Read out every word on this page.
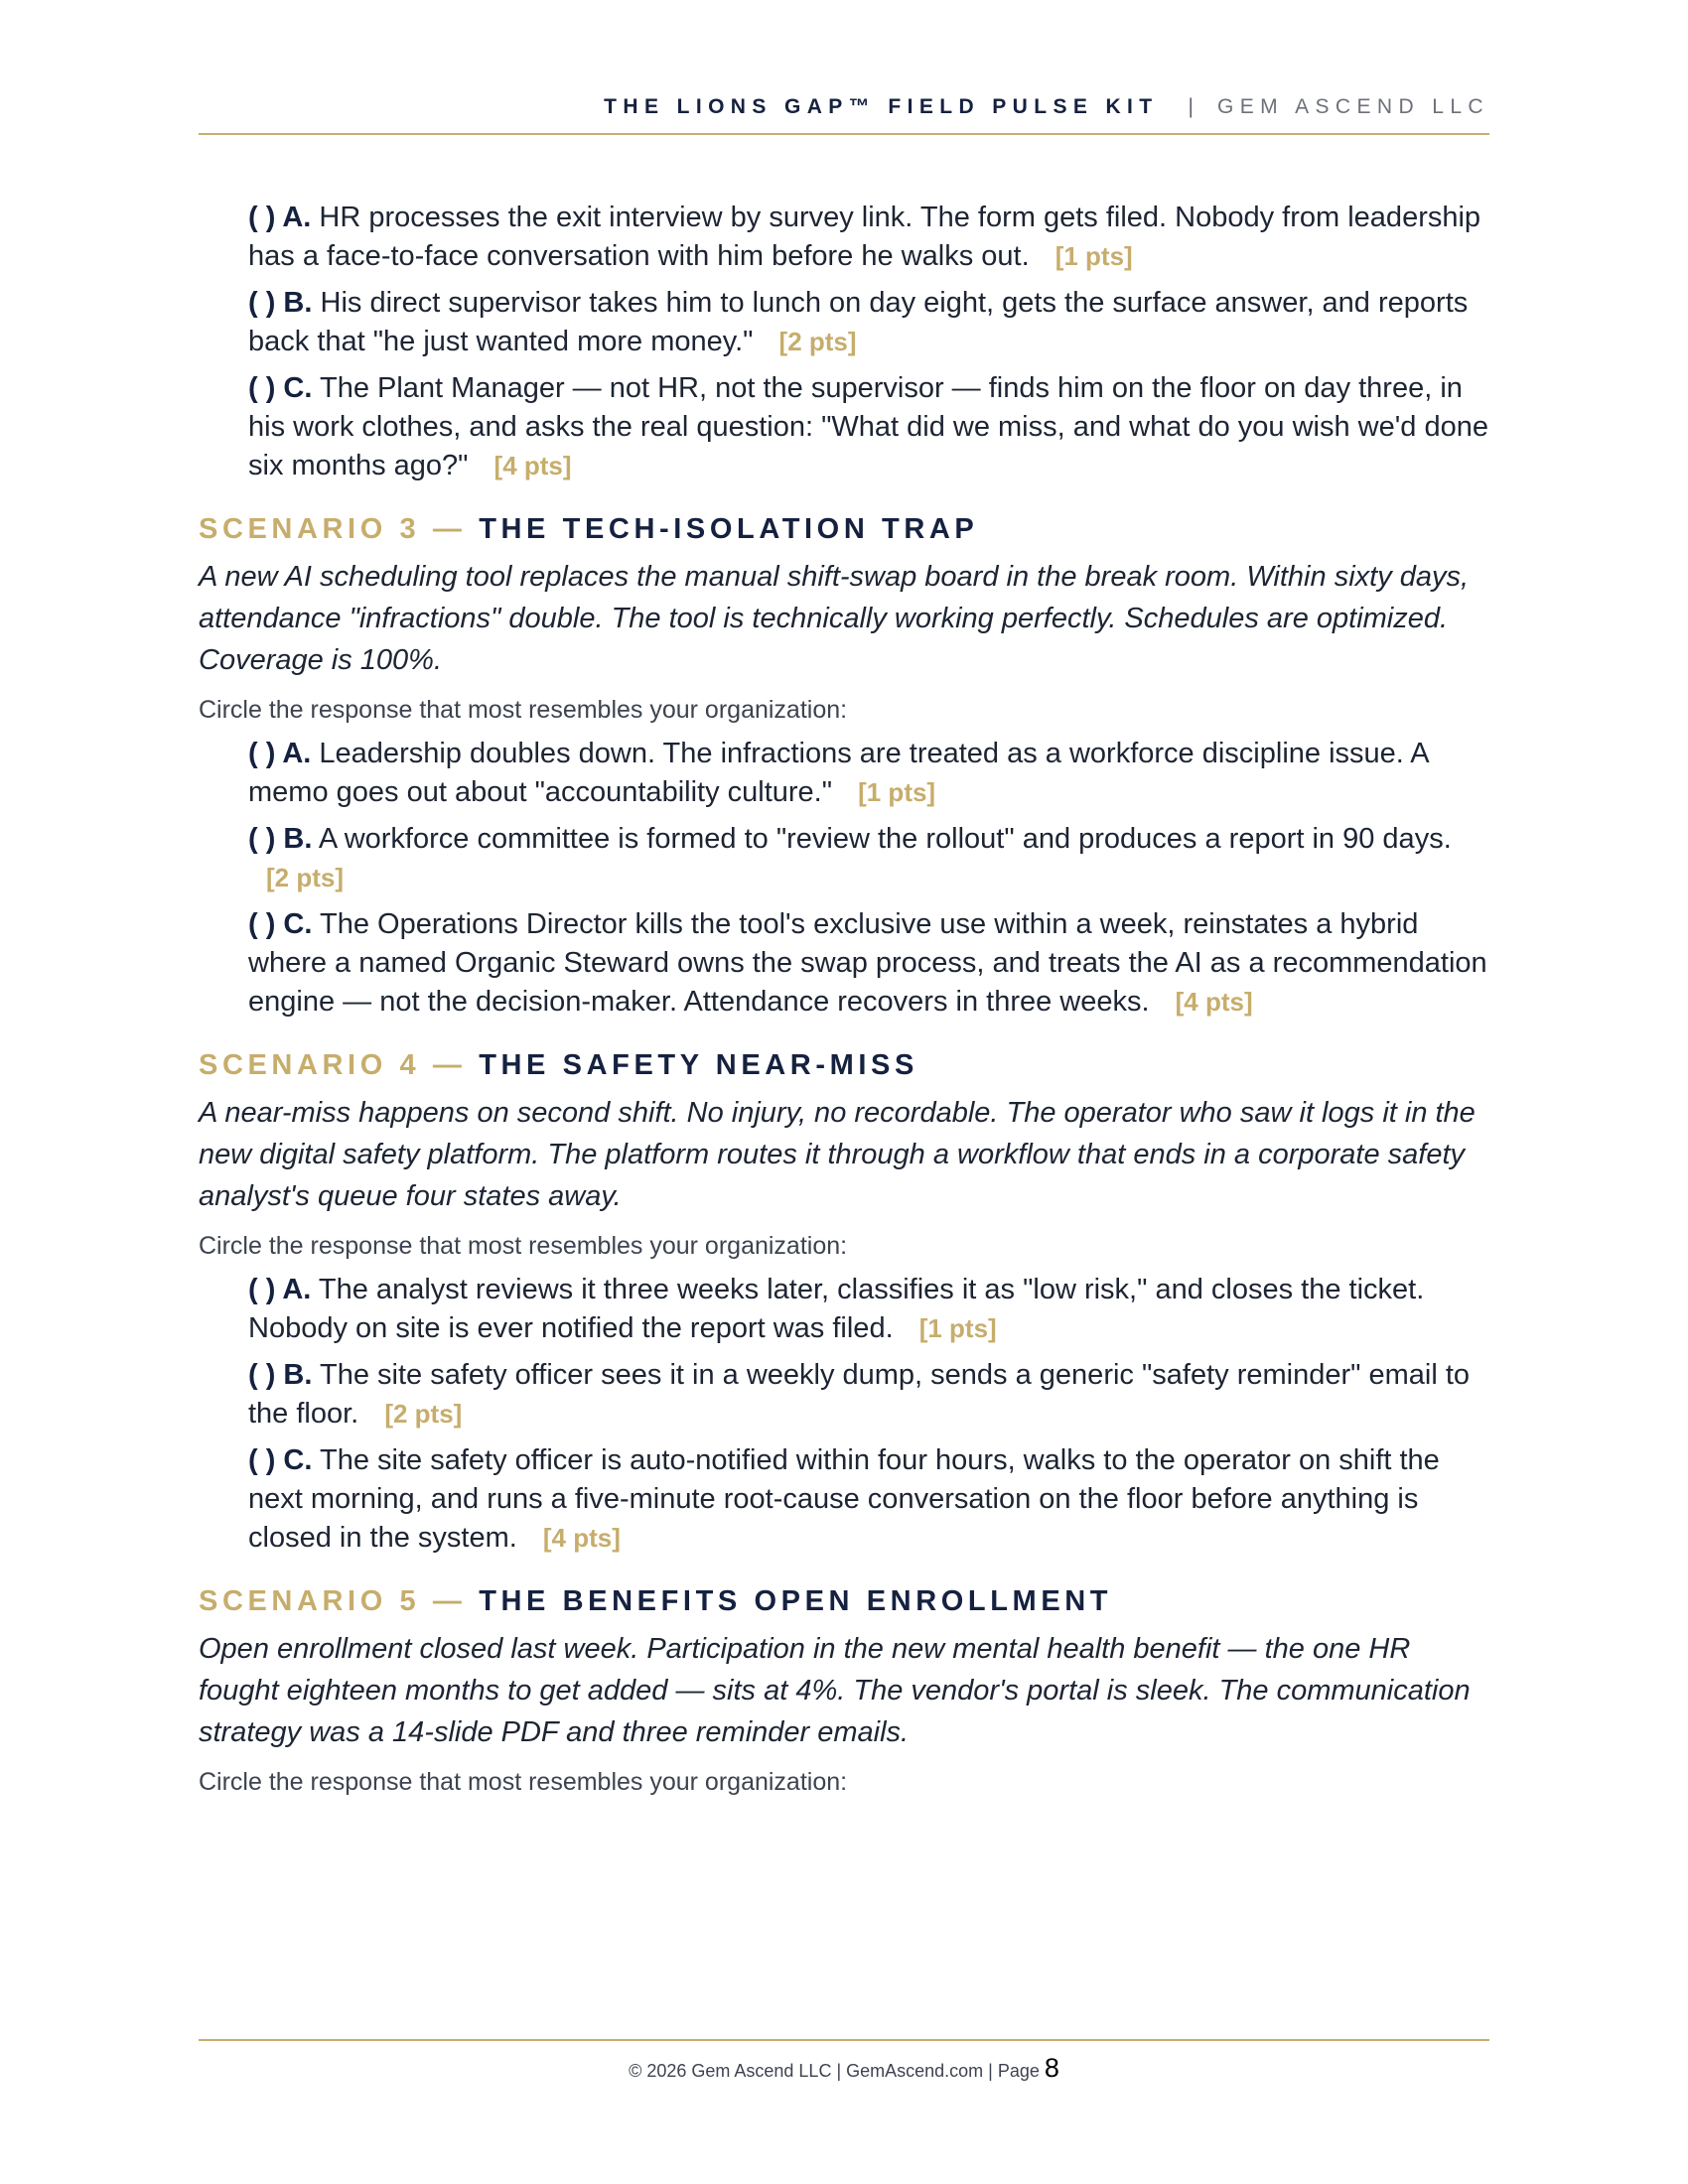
THE LIONS GAP™ FIELD PULSE KIT | GEM ASCEND LLC
( ) A. HR processes the exit interview by survey link. The form gets filed. Nobody from leadership has a face-to-face conversation with him before he walks out. [1 pts]
( ) B. His direct supervisor takes him to lunch on day eight, gets the surface answer, and reports back that "he just wanted more money." [2 pts]
( ) C. The Plant Manager — not HR, not the supervisor — finds him on the floor on day three, in his work clothes, and asks the real question: "What did we miss, and what do you wish we'd done six months ago?" [4 pts]
SCENARIO 3 — THE TECH-ISOLATION TRAP
A new AI scheduling tool replaces the manual shift-swap board in the break room. Within sixty days, attendance "infractions" double. The tool is technically working perfectly. Schedules are optimized. Coverage is 100%.
Circle the response that most resembles your organization:
( ) A. Leadership doubles down. The infractions are treated as a workforce discipline issue. A memo goes out about "accountability culture." [1 pts]
( ) B. A workforce committee is formed to "review the rollout" and produces a report in 90 days. [2 pts]
( ) C. The Operations Director kills the tool's exclusive use within a week, reinstates a hybrid where a named Organic Steward owns the swap process, and treats the AI as a recommendation engine — not the decision-maker. Attendance recovers in three weeks. [4 pts]
SCENARIO 4 — THE SAFETY NEAR-MISS
A near-miss happens on second shift. No injury, no recordable. The operator who saw it logs it in the new digital safety platform. The platform routes it through a workflow that ends in a corporate safety analyst's queue four states away.
Circle the response that most resembles your organization:
( ) A. The analyst reviews it three weeks later, classifies it as "low risk," and closes the ticket. Nobody on site is ever notified the report was filed. [1 pts]
( ) B. The site safety officer sees it in a weekly dump, sends a generic "safety reminder" email to the floor. [2 pts]
( ) C. The site safety officer is auto-notified within four hours, walks to the operator on shift the next morning, and runs a five-minute root-cause conversation on the floor before anything is closed in the system. [4 pts]
SCENARIO 5 — THE BENEFITS OPEN ENROLLMENT
Open enrollment closed last week. Participation in the new mental health benefit — the one HR fought eighteen months to get added — sits at 4%. The vendor's portal is sleek. The communication strategy was a 14-slide PDF and three reminder emails.
Circle the response that most resembles your organization:
© 2026 Gem Ascend LLC | GemAscend.com | Page 8
